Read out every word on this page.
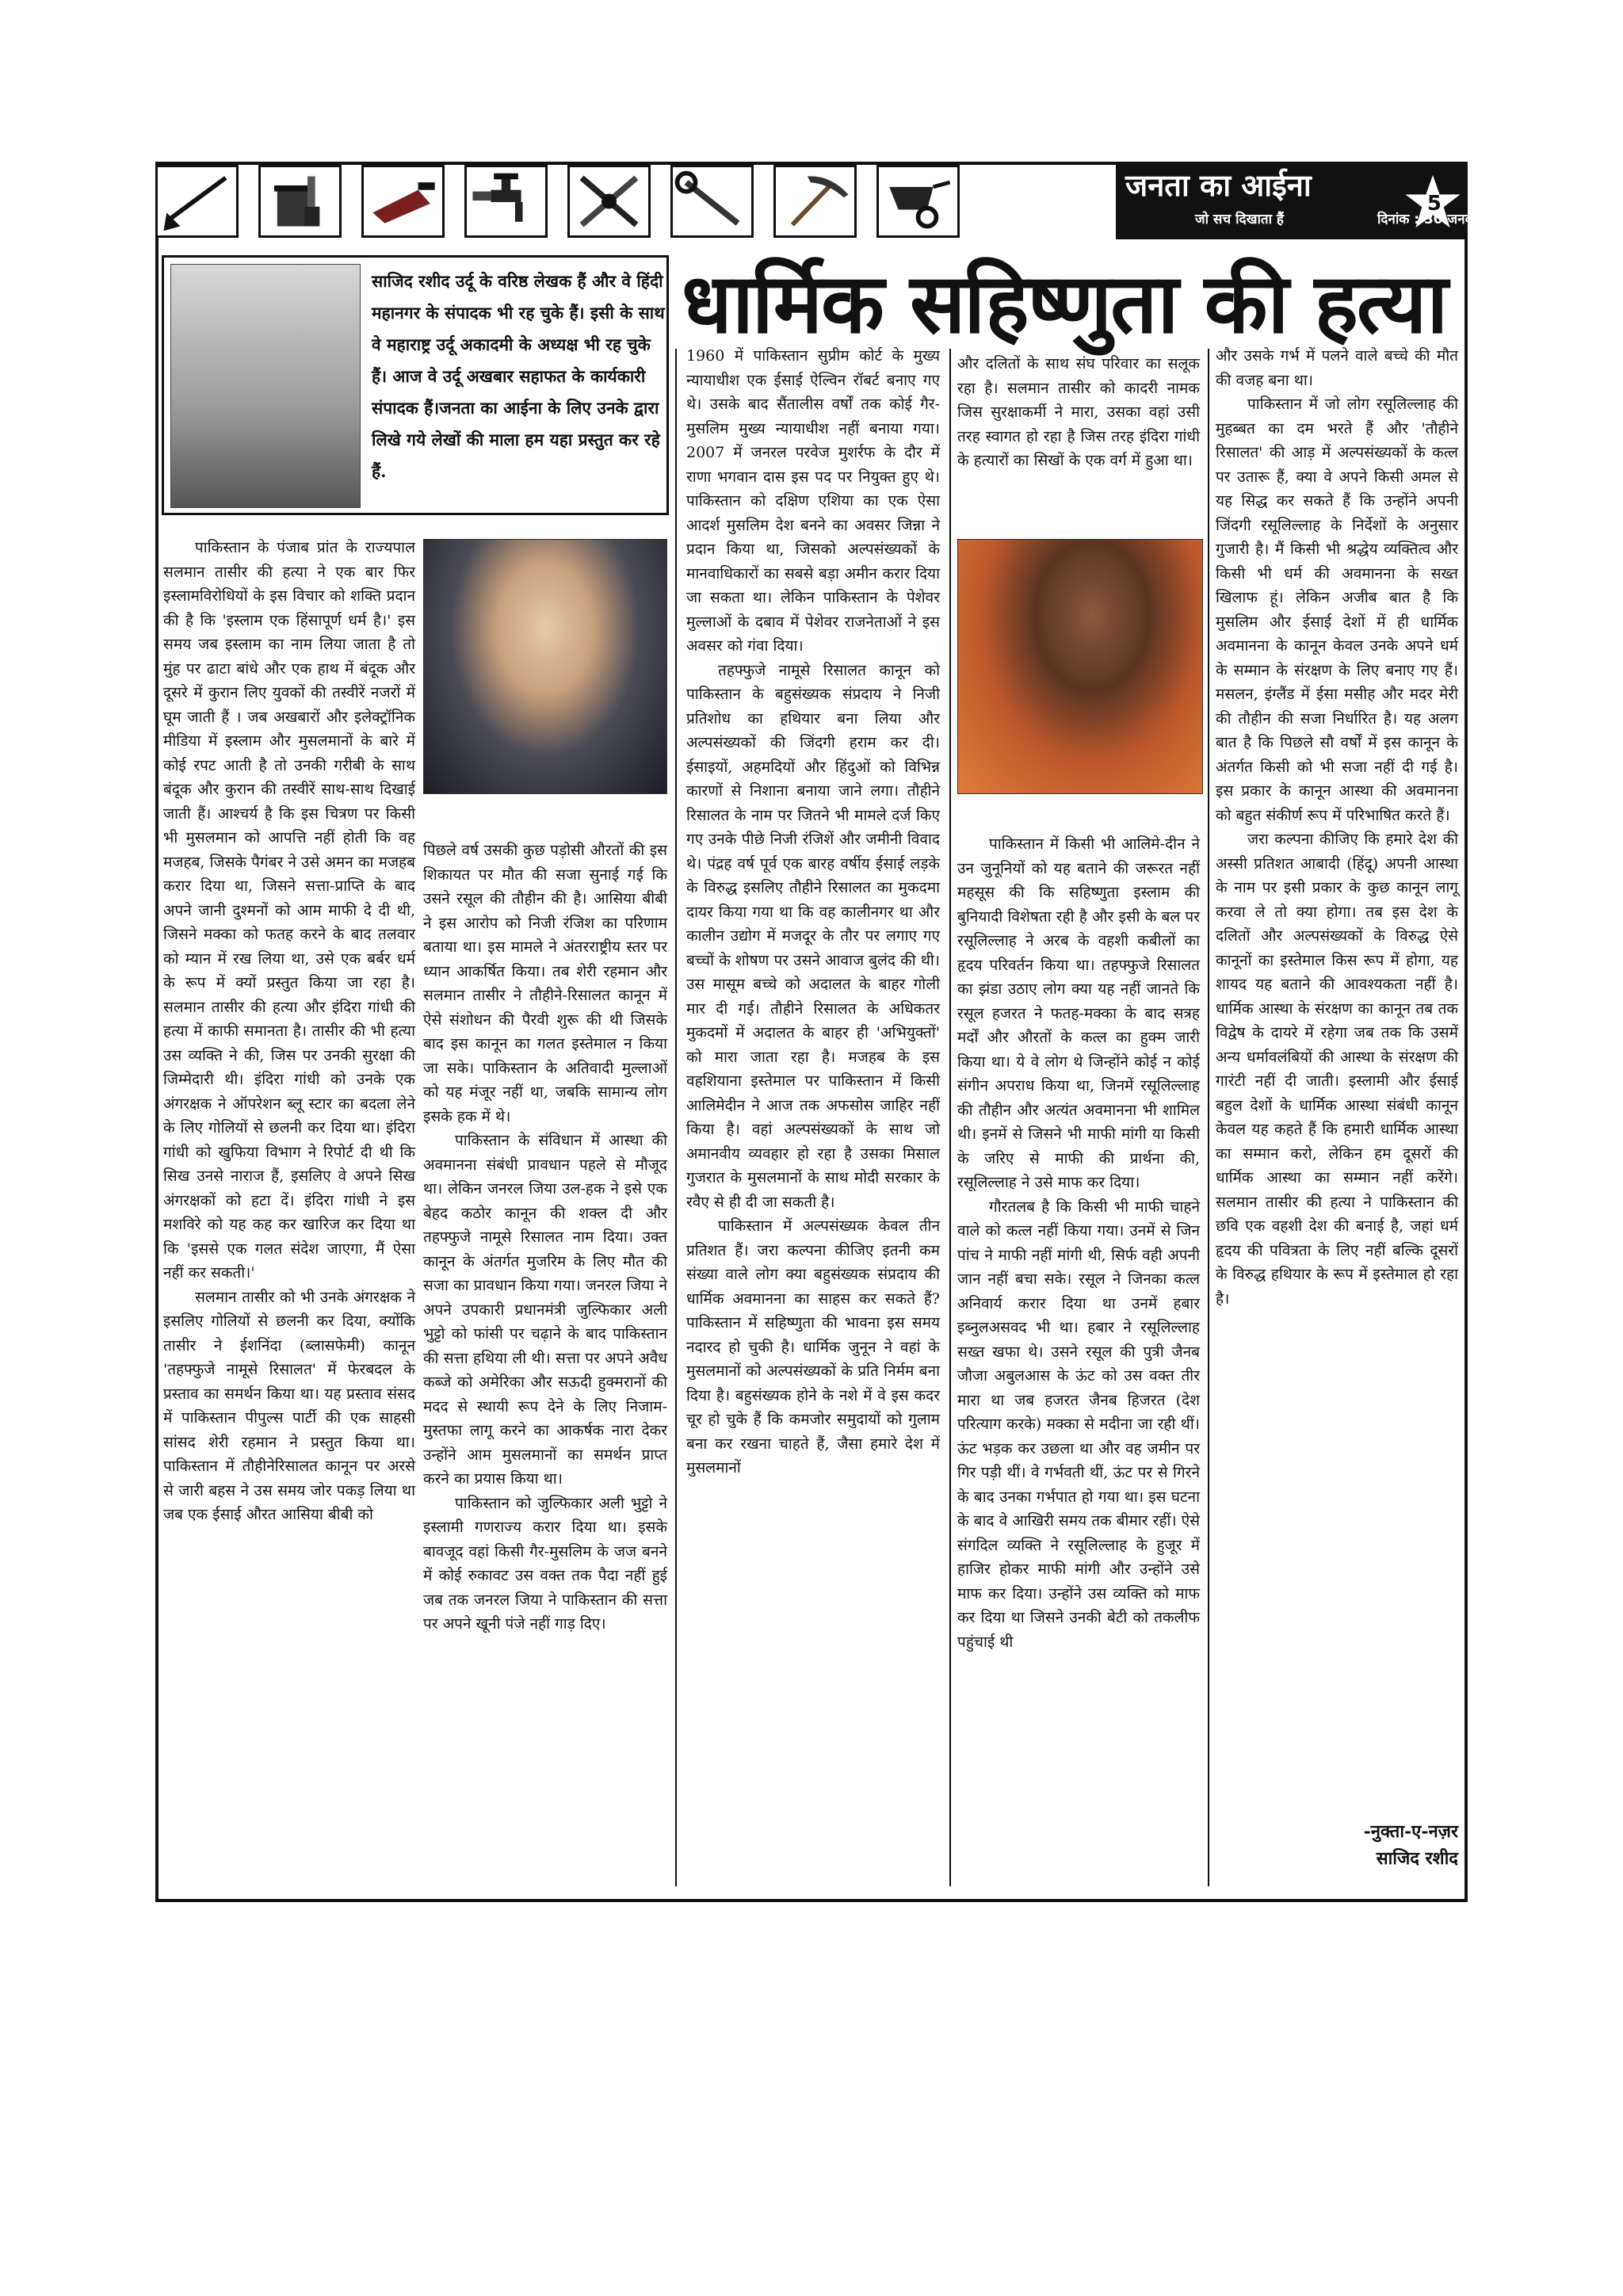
जनता का आईना
जो सच दिखाता हैं	दिनांक : 30 जनवरी से 5 फरवरी 2011
5
साजिद रशीद उर्दू के वरिष्ठ लेखक हैं और वे हिंदी महानगर के संपादक भी रह चुके हैं। इसी के साथ वे महाराष्ट्र उर्दू अकादमी के अध्यक्ष भी रह चुके हैं। आज वे उर्दू अखबार सहाफत के कार्यकारी संपादक हैं।जनता का आईना के लिए उनके द्वारा लिखे गये लेखों की माला हम यहा प्रस्तुत कर रहे हैं.
धार्मिक सहिष्णुता की हत्या

पाकिस्तान के पंजाब प्रांत के राज्यपाल सलमान तासीर की हत्या ने एक बार फिर इस्लामविरोधियों के इस विचार को शक्ति प्रदान की है कि 'इस्लाम एक हिंसापूर्ण धर्म है।' इस समय जब इस्लाम का नाम लिया जाता है तो मुंह पर ढाटा बांधे और एक हाथ में बंदूक और दूसरे में कुरान लिए युवकों की तस्वीरें नजरों में घूम जाती हैं । जब अखबारों और इलेक्ट्रॉनिक मीडिया में इस्लाम और मुसलमानों के बारे में कोई रपट आती है तो उनकी गरीबी के साथ बंदूक और कुरान की तस्वीरें साथ-साथ दिखाई जाती हैं। आश्चर्य है कि इस चित्रण पर किसी भी मुसलमान को आपत्ति नहीं होती कि वह मजहब, जिसके पैगंबर ने उसे अमन का मजहब करार दिया था, जिसने सत्ता-प्राप्ति के बाद अपने जानी दुश्मनों को आम माफी दे दी थी, जिसने मक्का को फतह करने के बाद तलवार को म्यान में रख लिया था, उसे एक बर्बर धर्म के रूप में क्यों प्रस्तुत किया जा रहा है। सलमान तासीर की हत्या और इंदिरा गांधी की हत्या में काफी समानता है। तासीर की भी हत्या उस व्यक्ति ने की, जिस पर उनकी सुरक्षा की जिम्मेदारी थी। इंदिरा गांधी को उनके एक अंगरक्षक ने ऑपरेशन ब्लू स्टार का बदला लेने के लिए गोलियों से छलनी कर दिया था। इंदिरा गांधी को खुफिया विभाग ने रिपोर्ट दी थी कि सिख उनसे नाराज हैं, इसलिए वे अपने सिख अंगरक्षकों को हटा दें। इंदिरा गांधी ने इस मशविरे को यह कह कर खारिज कर दिया था कि 'इससे एक गलत संदेश जाएगा, मैं ऐसा नहीं कर सकती।'

सलमान तासीर को भी उनके अंगरक्षक ने इसलिए गोलियों से छलनी कर दिया, क्योंकि तासीर ने ईशनिंदा (ब्लासफेमी) कानून 'तहफ्फुजे नामूसे रिसालत' में फेरबदल के प्रस्ताव का समर्थन किया था। यह प्रस्ताव संसद में पाकिस्तान पीपुल्स पार्टी की एक साहसी सांसद शेरी रहमान ने प्रस्तुत किया था। पाकिस्तान में तौहीनेरिसालत कानून पर अरसे से जारी बहस ने उस समय जोर पकड़ लिया था जब एक ईसाई औरत आसिया बीबी को

पिछले वर्ष उसकी कुछ पड़ोसी औरतों की इस शिकायत पर मौत की सजा सुनाई गई कि उसने रसूल की तौहीन की है। आसिया बीबी ने इस आरोप को निजी रंजिश का परिणाम बताया था। इस मामले ने अंतरराष्ट्रीय स्तर पर ध्यान आकर्षित किया। तब शेरी रहमान और सलमान तासीर ने तौहीने-रिसालत कानून में ऐसे संशोधन की पैरवी शुरू की थी जिसके बाद इस कानून का गलत इस्तेमाल न किया जा सके। पाकिस्तान के अतिवादी मुल्लाओं को यह मंजूर नहीं था, जबकि सामान्य लोग इसके हक में थे।

पाकिस्तान के संविधान में आस्था की अवमानना संबंधी प्रावधान पहले से मौजूद था। लेकिन जनरल जिया उल-हक ने इसे एक बेहद कठोर कानून की शक्ल दी और तहफ्फुजे नामूसे रिसालत नाम दिया। उक्त कानून के अंतर्गत मुजरिम के लिए मौत की सजा का प्रावधान किया गया। जनरल जिया ने अपने उपकारी प्रधानमंत्री जुल्फिकार अली भुट्टो को फांसी पर चढ़ाने के बाद पाकिस्तान की सत्ता हथिया ली थी। सत्ता पर अपने अवैध कब्जे को अमेरिका और सऊदी हुक्मरानों की मदद से स्थायी रूप देने के लिए निजाम-मुस्तफा लागू करने का आकर्षक नारा देकर उन्होंने आम मुसलमानों का समर्थन प्राप्त करने का प्रयास किया था।

पाकिस्तान को जुल्फिकार अली भुट्टो ने इस्लामी गणराज्य करार दिया था। इसके बावजूद वहां किसी गैर-मुसलिम के जज बनने में कोई रुकावट उस वक्त तक पैदा नहीं हुई जब तक जनरल जिया ने पाकिस्तान की सत्ता पर अपने खूनी पंजे नहीं गाड़ दिए।

1960 में पाकिस्तान सुप्रीम कोर्ट के मुख्य न्यायाधीश एक ईसाई ऐल्विन रॉबर्ट बनाए गए थे। उसके बाद सैंतालीस वर्षों तक कोई गैर-मुसलिम मुख्य न्यायाधीश नहीं बनाया गया। 2007 में जनरल परवेज मुशर्रफ के दौर में राणा भगवान दास इस पद पर नियुक्त हुए थे। पाकिस्तान को दक्षिण एशिया का एक ऐसा आदर्श मुसलिम देश बनने का अवसर जिन्ना ने प्रदान किया था, जिसको अल्पसंख्यकों के मानवाधिकारों का सबसे बड़ा अमीन करार दिया जा सकता था। लेकिन पाकिस्तान के पेशेवर मुल्लाओं के दबाव में पेशेवर राजनेताओं ने इस अवसर को गंवा दिया।

तहफ्फुजे नामूसे रिसालत कानून को पाकिस्तान के बहुसंख्यक संप्रदाय ने निजी प्रतिशोध का हथियार बना लिया और अल्पसंख्यकों की जिंदगी हराम कर दी। ईसाइयों, अहमदियों और हिंदुओं को विभिन्न कारणों से निशाना बनाया जाने लगा। तौहीने रिसालत के नाम पर जितने भी मामले दर्ज किए गए उनके पीछे निजी रंजिशें और जमीनी विवाद थे। पंद्रह वर्ष पूर्व एक बारह वर्षीय ईसाई लड़के के विरुद्ध इसलिए तौहीने रिसालत का मुकदमा दायर किया गया था कि वह कालीनगर था और कालीन उद्योग में मजदूर के तौर पर लगाए गए बच्चों के शोषण पर उसने आवाज बुलंद की थी। उस मासूम बच्चे को अदालत के बाहर गोली मार दी गई। तौहीने रिसालत के अधिकतर मुकदमों में अदालत के बाहर ही 'अभियुक्तों' को मारा जाता रहा है। मजहब के इस वहशियाना इस्तेमाल पर पाकिस्तान में किसी आलिमेदीन ने आज तक अफसोस जाहिर नहीं किया है। वहां अल्पसंख्यकों के साथ जो अमानवीय व्यवहार हो रहा है उसका मिसाल गुजरात के मुसलमानों के साथ मोदी सरकार के रवैए से ही दी जा सकती है।

पाकिस्तान में अल्पसंख्यक केवल तीन प्रतिशत हैं। जरा कल्पना कीजिए इतनी कम संख्या वाले लोग क्या बहुसंख्यक संप्रदाय की धार्मिक अवमानना का साहस कर सकते हैं? पाकिस्तान में सहिष्णुता की भावना इस समय नदारद हो चुकी है। धार्मिक जुनून ने वहां के मुसलमानों को अल्पसंख्यकों के प्रति निर्मम बना दिया है। बहुसंख्यक होने के नशे में वे इस कदर चूर हो चुके हैं कि कमजोर समुदायों को गुलाम बना कर रखना चाहते हैं, जैसा हमारे देश में मुसलमानों

और दलितों के साथ संघ परिवार का सलूक रहा है। सलमान तासीर को कादरी नामक जिस सुरक्षाकर्मी ने मारा, उसका वहां उसी तरह स्वागत हो रहा है जिस तरह इंदिरा गांधी के हत्यारों का सिखों के एक वर्ग में हुआ था।

पाकिस्तान में किसी भी आलिमे-दीन ने उन जुनूनियों को यह बताने की जरूरत नहीं महसूस की कि सहिष्णुता इस्लाम की बुनियादी विशेषता रही है और इसी के बल पर रसूलिल्लाह ने अरब के वहशी कबीलों का हृदय परिवर्तन किया था। तहफ्फुजे रिसालत का झंडा उठाए लोग क्या यह नहीं जानते कि रसूल हजरत ने फतह-मक्का के बाद सत्रह मर्दों और औरतों के कत्ल का हुक्म जारी किया था। ये वे लोग थे जिन्होंने कोई न कोई संगीन अपराध किया था, जिनमें रसूलिल्लाह की तौहीन और अत्यंत अवमानना भी शामिल थी। इनमें से जिसने भी माफी मांगी या किसी के जरिए से माफी की प्रार्थना की, रसूलिल्लाह ने उसे माफ कर दिया।

गौरतलब है कि किसी भी माफी चाहने वाले को कत्ल नहीं किया गया। उनमें से जिन पांच ने माफी नहीं मांगी थी, सिर्फ वही अपनी जान नहीं बचा सके। रसूल ने जिनका कत्ल अनिवार्य करार दिया था उनमें हबार इब्नुलअसवद भी था। हबार ने रसूलिल्लाह सख्त खफा थे। उसने रसूल की पुत्री जैनब जौजा अबुलआस के ऊंट को उस वक्त तीर मारा था जब हजरत जैनब हिजरत (देश परित्याग करके) मक्का से मदीना जा रही थीं। ऊंट भड़क कर उछला था और वह जमीन पर गिर पड़ी थीं। वे गर्भवती थीं, ऊंट पर से गिरने के बाद उनका गर्भपात हो गया था। इस घटना के बाद वे आखिरी समय तक बीमार रहीं। ऐसे संगदिल व्यक्ति ने रसूलिल्लाह के हुजूर में हाजिर होकर माफी मांगी और उन्होंने उसे माफ कर दिया। उन्होंने उस व्यक्ति को माफ कर दिया था जिसने उनकी बेटी को तकलीफ पहुंचाई थी

और उसके गर्भ में पलने वाले बच्चे की मौत की वजह बना था।

पाकिस्तान में जो लोग रसूलिल्लाह की मुहब्बत का दम भरते हैं और 'तौहीने रिसालत' की आड़ में अल्पसंख्यकों के कत्ल पर उतारू हैं, क्या वे अपने किसी अमल से यह सिद्ध कर सकते हैं कि उन्होंने अपनी जिंदगी रसूलिल्लाह के निर्देशों के अनुसार गुजारी है। मैं किसी भी श्रद्धेय व्यक्तित्व और किसी भी धर्म की अवमानना के सख्त खिलाफ हूं। लेकिन अजीब बात है कि मुसलिम और ईसाई देशों में ही धार्मिक अवमानना के कानून केवल उनके अपने धर्म के सम्मान के संरक्षण के लिए बनाए गए हैं। मसलन, इंग्लैंड में ईसा मसीह और मदर मेरी की तौहीन की सजा निर्धारित है। यह अलग बात है कि पिछले सौ वर्षों में इस कानून के अंतर्गत किसी को भी सजा नहीं दी गई है। इस प्रकार के कानून आस्था की अवमानना को बहुत संकीर्ण रूप में परिभाषित करते हैं।

जरा कल्पना कीजिए कि हमारे देश की अस्सी प्रतिशत आबादी (हिंदू) अपनी आस्था के नाम पर इसी प्रकार के कुछ कानून लागू करवा ले तो क्या होगा। तब इस देश के दलितों और अल्पसंख्यकों के विरुद्ध ऐसे कानूनों का इस्तेमाल किस रूप में होगा, यह शायद यह बताने की आवश्यकता नहीं है। धार्मिक आस्था के संरक्षण का कानून तब तक विद्वेष के दायरे में रहेगा जब तक कि उसमें अन्य धर्मावलंबियों की आस्था के संरक्षण की गारंटी नहीं दी जाती। इस्लामी और ईसाई बहुल देशों के धार्मिक आस्था संबंधी कानून केवल यह कहते हैं कि हमारी धार्मिक आस्था का सम्मान करो, लेकिन हम दूसरों की धार्मिक आस्था का सम्मान नहीं करेंगे। सलमान तासीर की हत्या ने पाकिस्तान की छवि एक वहशी देश की बनाई है, जहां धर्म हृदय की पवित्रता के लिए नहीं बल्कि दूसरों के विरुद्ध हथियार के रूप में इस्तेमाल हो रहा है।

-नुक्ता-ए-नज़र
साजिद रशीद
